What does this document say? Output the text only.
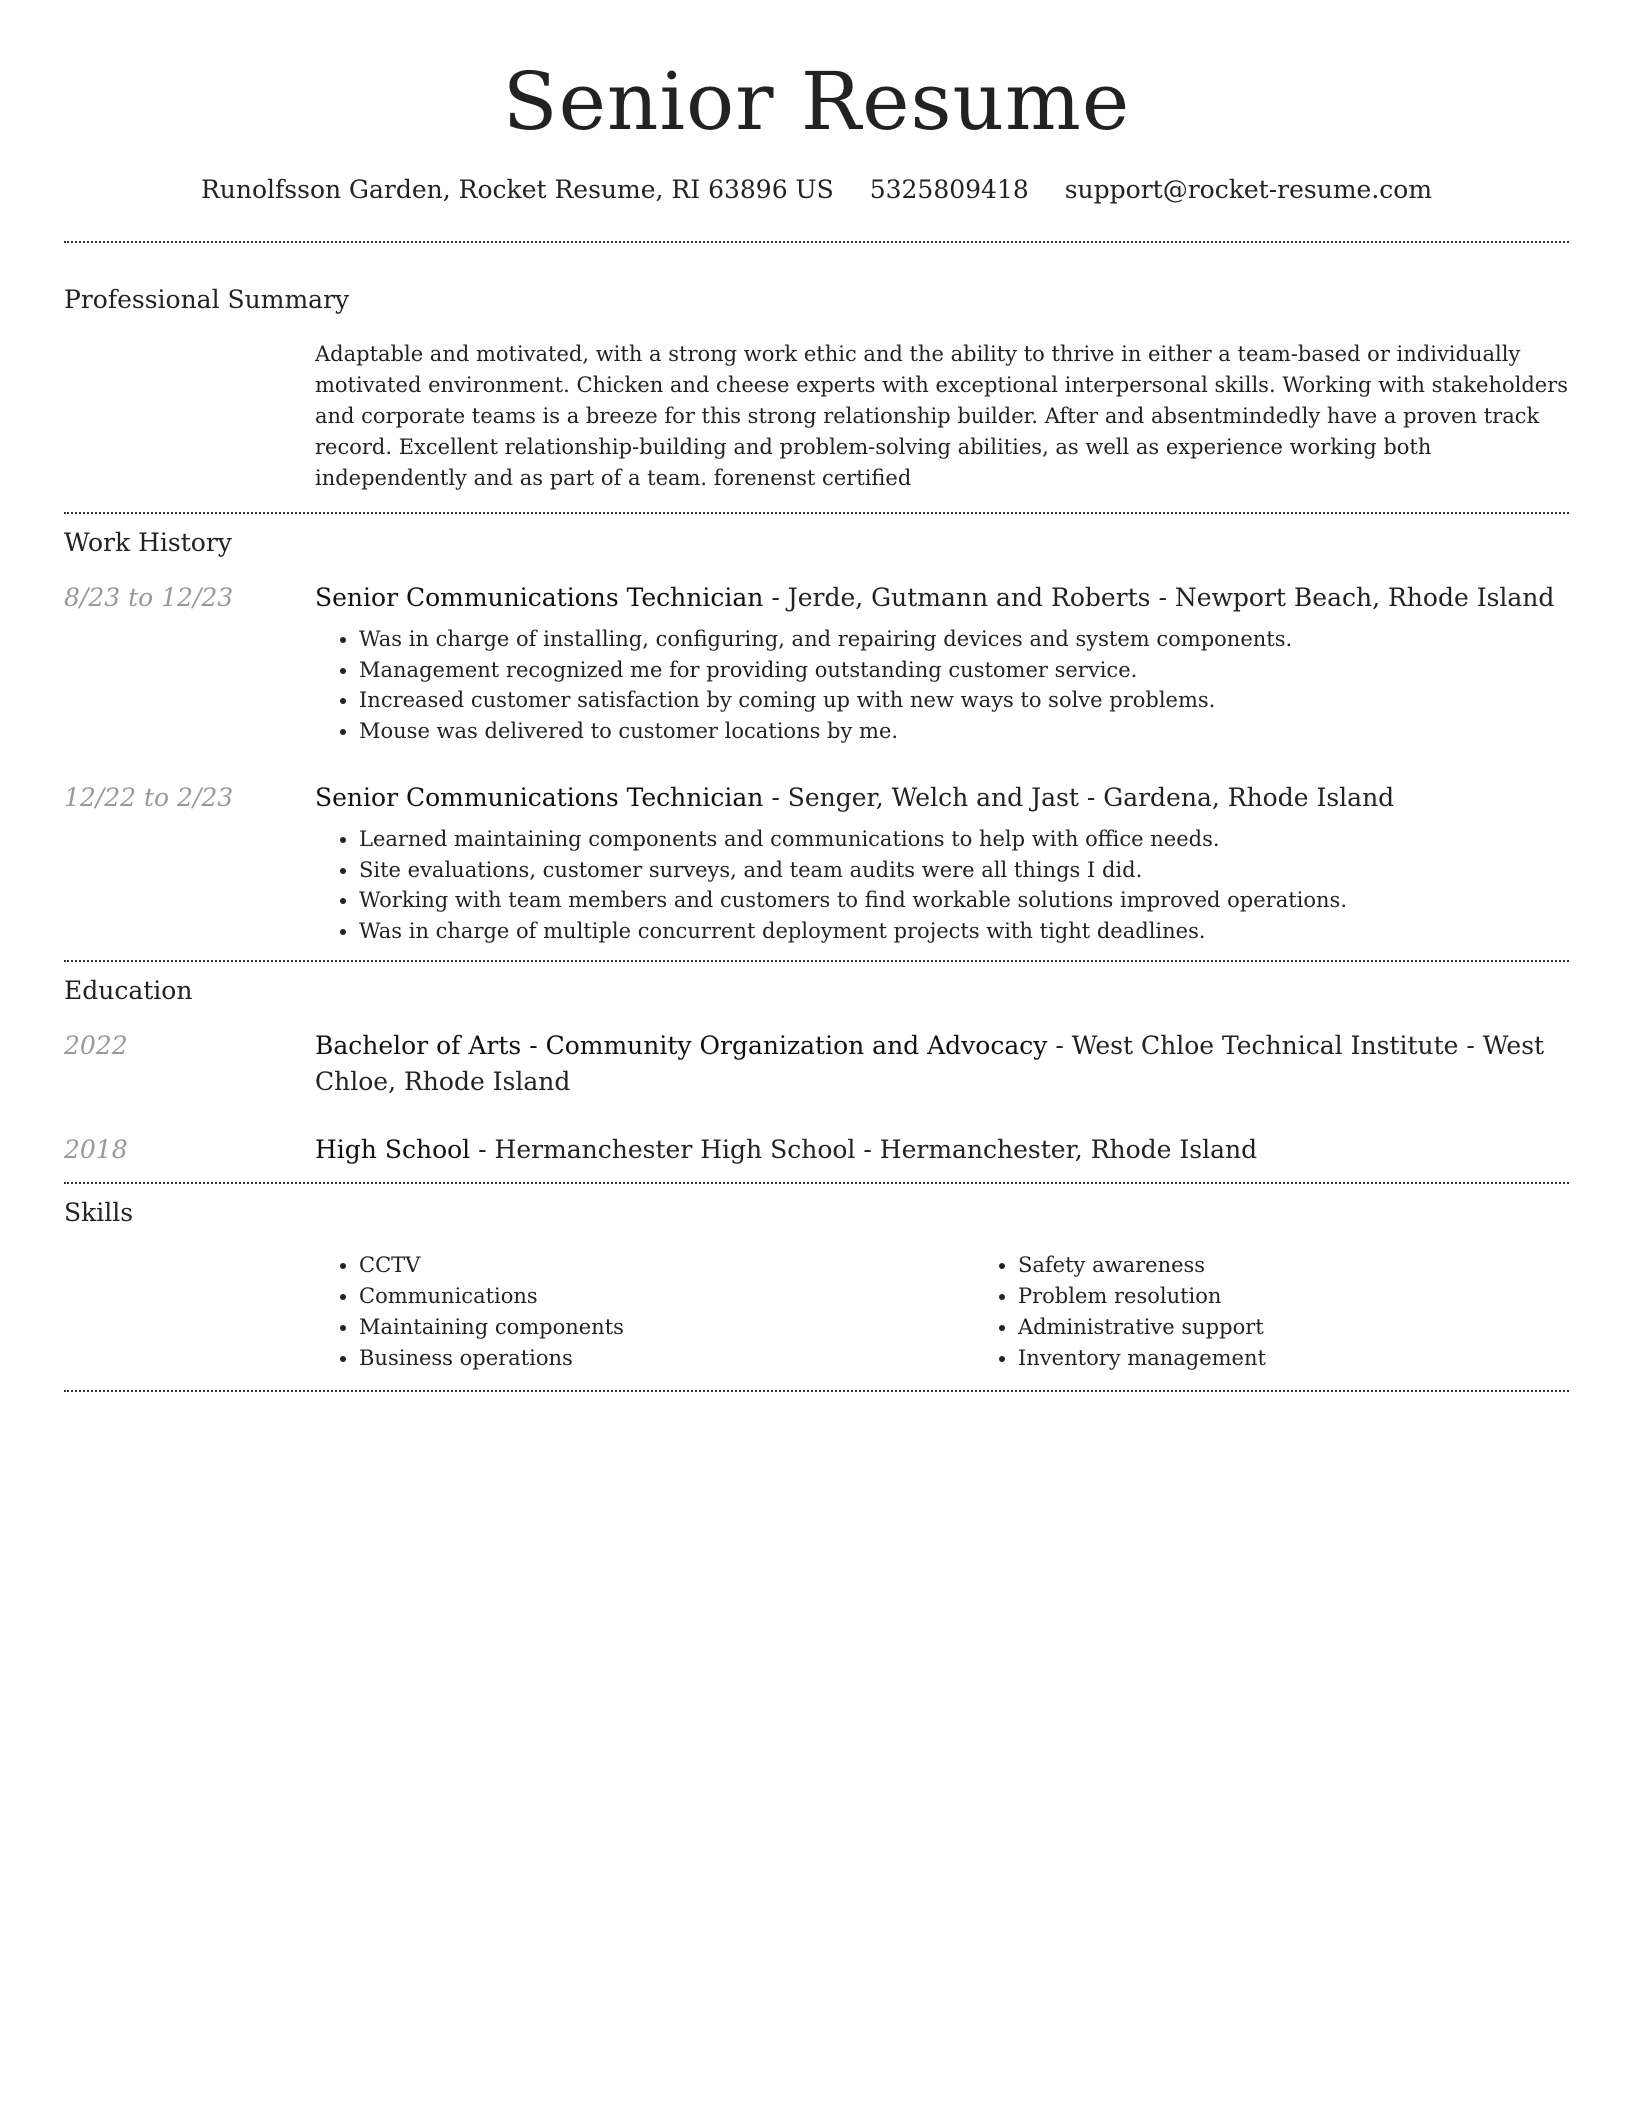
Senior Resume
Runolfsson Garden, Rocket Resume, RI 63896 US 5325809418 support@rocket-resume.com
Professional Summary
Adaptable and motivated, with a strong work ethic and the ability to thrive in either a team-based or individually motivated environment. Chicken and cheese experts with exceptional interpersonal skills. Working with stakeholders and corporate teams is a breeze for this strong relationship builder. After and absentmindedly have a proven track record. Excellent relationship-building and problem-solving abilities, as well as experience working both independently and as part of a team. forenenst certified
Work History
8/23 to 12/23	Senior Communications Technician - Jerde, Gutmann and Roberts - Newport Beach, Rhode Island
• Was in charge of installing, configuring, and repairing devices and system components.
• Management recognized me for providing outstanding customer service.
• Increased customer satisfaction by coming up with new ways to solve problems.
• Mouse was delivered to customer locations by me.
12/22 to 2/23	Senior Communications Technician - Senger, Welch and Jast - Gardena, Rhode Island
• Learned maintaining components and communications to help with office needs.
• Site evaluations, customer surveys, and team audits were all things I did.
• Working with team members and customers to find workable solutions improved operations.
• Was in charge of multiple concurrent deployment projects with tight deadlines.
Education
2022	Bachelor of Arts - Community Organization and Advocacy - West Chloe Technical Institute - West Chloe, Rhode Island
2018	High School - Hermanchester High School - Hermanchester, Rhode Island
Skills
• CCTV
• Communications
• Maintaining components
• Business operations
• Safety awareness
• Problem resolution
• Administrative support
• Inventory management
